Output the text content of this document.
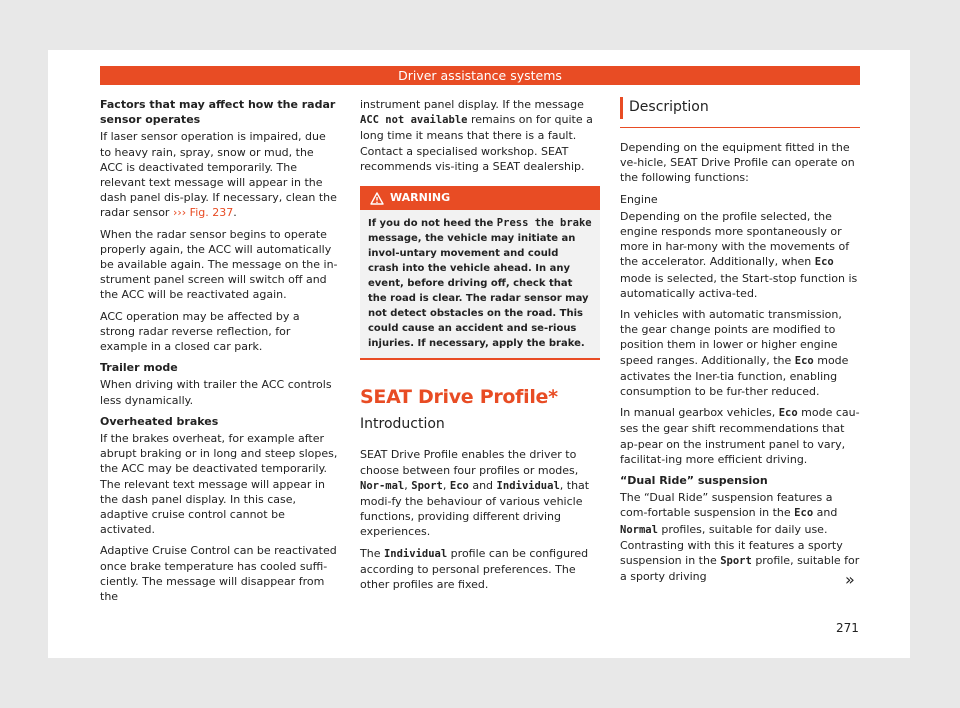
Driver assistance systems
Factors that may affect how the radar sensor operates

If laser sensor operation is impaired, due to heavy rain, spray, snow or mud, the ACC is deactivated temporarily. The relevant text message will appear in the dash panel dis-play. If necessary, clean the radar sensor ››› Fig. 237.

When the radar sensor begins to operate properly again, the ACC will automatically be available again. The message on the in-strument panel screen will switch off and the ACC will be reactivated again.

ACC operation may be affected by a strong radar reverse reflection, for example in a closed car park.

Trailer mode

When driving with trailer the ACC controls less dynamically.

Overheated brakes

If the brakes overheat, for example after abrupt braking or in long and steep slopes, the ACC may be deactivated temporarily. The relevant text message will appear in the dash panel display. In this case, adaptive cruise control cannot be activated.

Adaptive Cruise Control can be reactivated once brake temperature has cooled suffi-ciently. The message will disappear from the

instrument panel display. If the message ACC not available remains on for quite a long time it means that there is a fault. Contact a specialised workshop. SEAT recommends vis-iting a SEAT dealership.

WARNING
If you do not heed the Press the brake message, the vehicle may initiate an invol-untary movement and could crash into the vehicle ahead. In any event, before driving off, check that the road is clear. The radar sensor may not detect obstacles on the road. This could cause an accident and se-rious injuries. If necessary, apply the brake.
SEAT Drive Profile*
Introduction

SEAT Drive Profile enables the driver to choose between four profiles or modes, Nor-mal, Sport, Eco and Individual, that modi-fy the behaviour of various vehicle functions, providing different driving experiences.

The Individual profile can be configured according to personal preferences. The other profiles are fixed.

Description

Depending on the equipment fitted in the ve-hicle, SEAT Drive Profile can operate on the following functions:

Engine

Depending on the profile selected, the engine responds more spontaneously or more in har-mony with the movements of the accelerator. Additionally, when Eco mode is selected, the Start-stop function is automatically activa-ted.

In vehicles with automatic transmission, the gear change points are modified to position them in lower or higher engine speed ranges. Additionally, the Eco mode activates the Iner-tia function, enabling consumption to be fur-ther reduced.

In manual gearbox vehicles, Eco mode cau-ses the gear shift recommendations that ap-pear on the instrument panel to vary, facilitat-ing more efficient driving.

“Dual Ride” suspension

The “Dual Ride” suspension features a com-fortable suspension in the Eco and Normal profiles, suitable for daily use. Contrasting with this it features a sporty suspension in the Sport profile, suitable for a sporty driving	»
271
